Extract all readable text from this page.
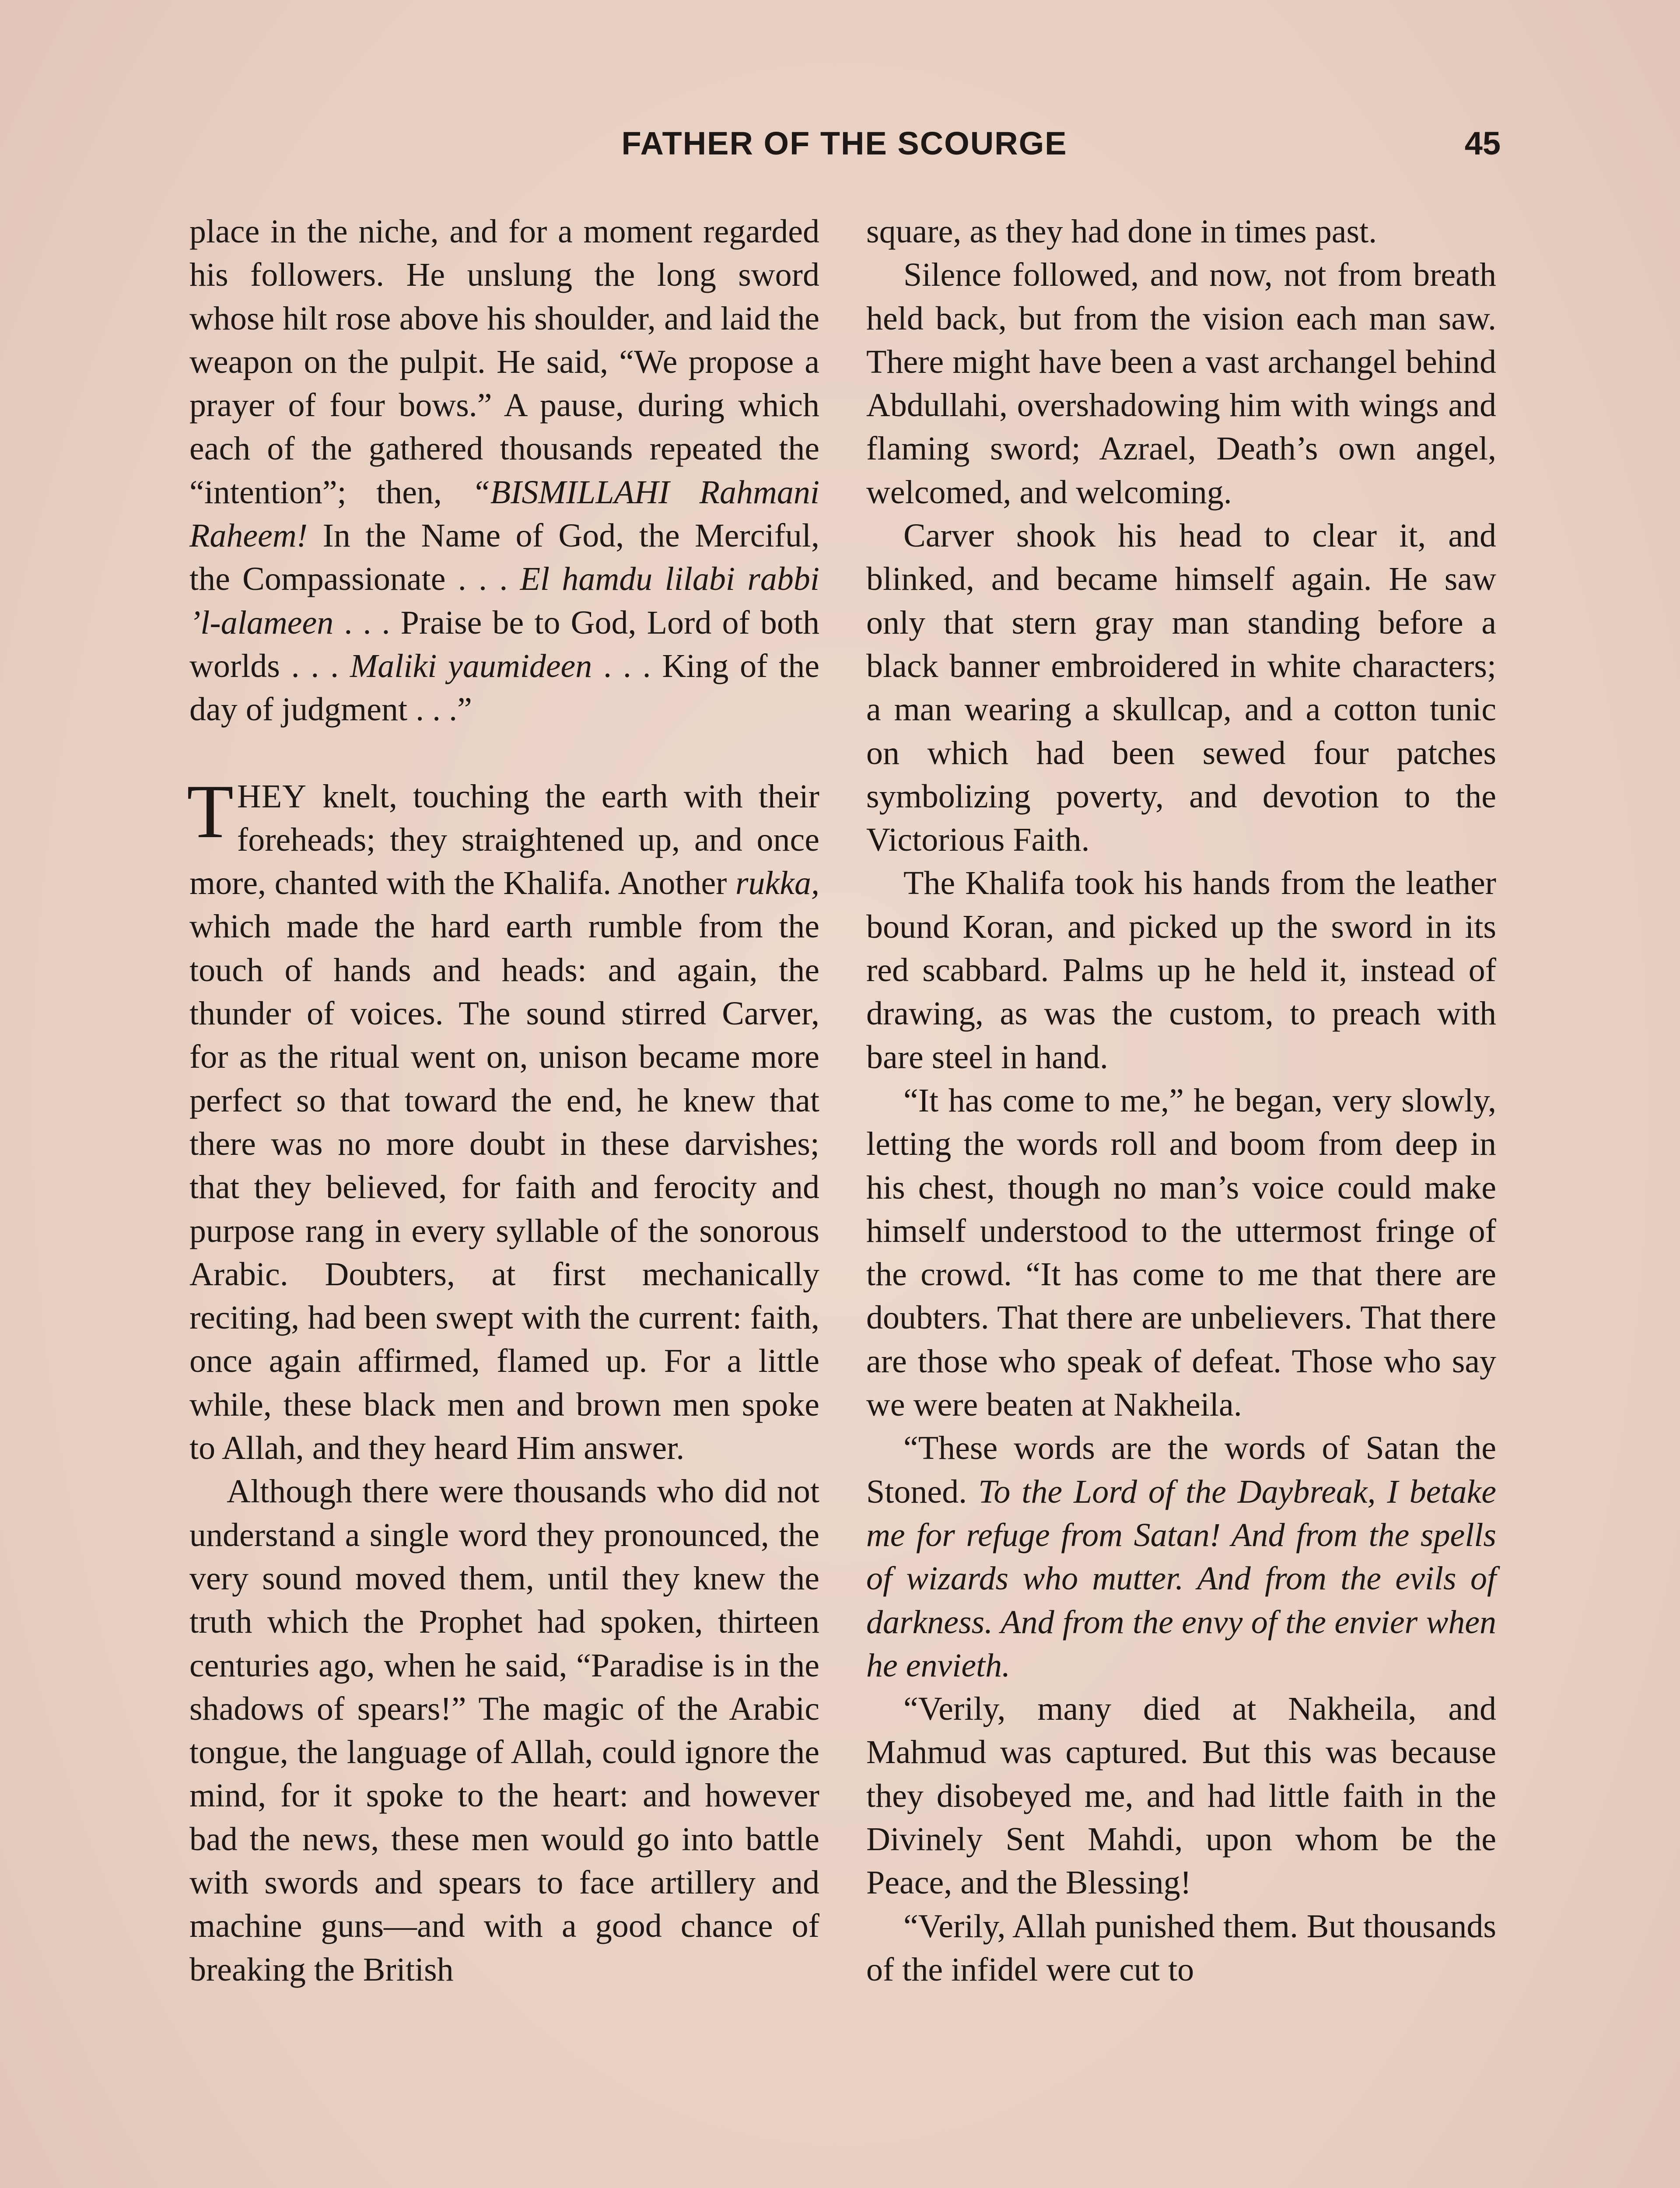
FATHER OF THE SCOURGE	45

place in the niche, and for a moment regarded his followers. He unslung the long sword whose hilt rose above his shoulder, and laid the weapon on the pulpit. He said, “We propose a prayer of four bows.” A pause, during which each of the gathered thousands repeated the “intention”; then, “BISMILLAHI Rahmani Raheem! In the Name of God, the Merciful, the Compassionate . . . El hamdu lilabi rabbi ’l-alameen . . . Praise be to God, Lord of both worlds . . . Maliki yaumideen . . . King of the day of judgment . . .”

THEY knelt, touching the earth with their foreheads; they straightened up, and once more, chanted with the Khalifa. Another rukka, which made the hard earth rumble from the touch of hands and heads: and again, the thunder of voices. The sound stirred Carver, for as the ritual went on, unison became more perfect so that toward the end, he knew that there was no more doubt in these darvishes; that they believed, for faith and ferocity and purpose rang in every syllable of the sonorous Arabic. Doubters, at first mechanically reciting, had been swept with the current: faith, once again affirmed, flamed up. For a little while, these black men and brown men spoke to Allah, and they heard Him answer.

Although there were thousands who did not understand a single word they pronounced, the very sound moved them, until they knew the truth which the Prophet had spoken, thirteen centuries ago, when he said, “Paradise is in the shadows of spears!” The magic of the Arabic tongue, the language of Allah, could ignore the mind, for it spoke to the heart: and however bad the news, these men would go into battle with swords and spears to face artillery and machine guns—and with a good chance of breaking the British

square, as they had done in times past.

Silence followed, and now, not from breath held back, but from the vision each man saw. There might have been a vast archangel behind Abdullahi, overshadowing him with wings and flaming sword; Azrael, Death’s own angel, welcomed, and welcoming.

Carver shook his head to clear it, and blinked, and became himself again. He saw only that stern gray man standing before a black banner embroidered in white characters; a man wearing a skullcap, and a cotton tunic on which had been sewed four patches symbolizing poverty, and devotion to the Victorious Faith.

The Khalifa took his hands from the leather bound Koran, and picked up the sword in its red scabbard. Palms up he held it, instead of drawing, as was the custom, to preach with bare steel in hand.

“It has come to me,” he began, very slowly, letting the words roll and boom from deep in his chest, though no man’s voice could make himself understood to the uttermost fringe of the crowd. “It has come to me that there are doubters. That there are unbelievers. That there are those who speak of defeat. Those who say we were beaten at Nakheila.

“These words are the words of Satan the Stoned. To the Lord of the Daybreak, I betake me for refuge from Satan! And from the spells of wizards who mutter. And from the evils of darkness. And from the envy of the envier when he envieth.

“Verily, many died at Nakheila, and Mahmud was captured. But this was because they disobeyed me, and had little faith in the Divinely Sent Mahdi, upon whom be the Peace, and the Blessing!

“Verily, Allah punished them. But thousands of the infidel were cut to
